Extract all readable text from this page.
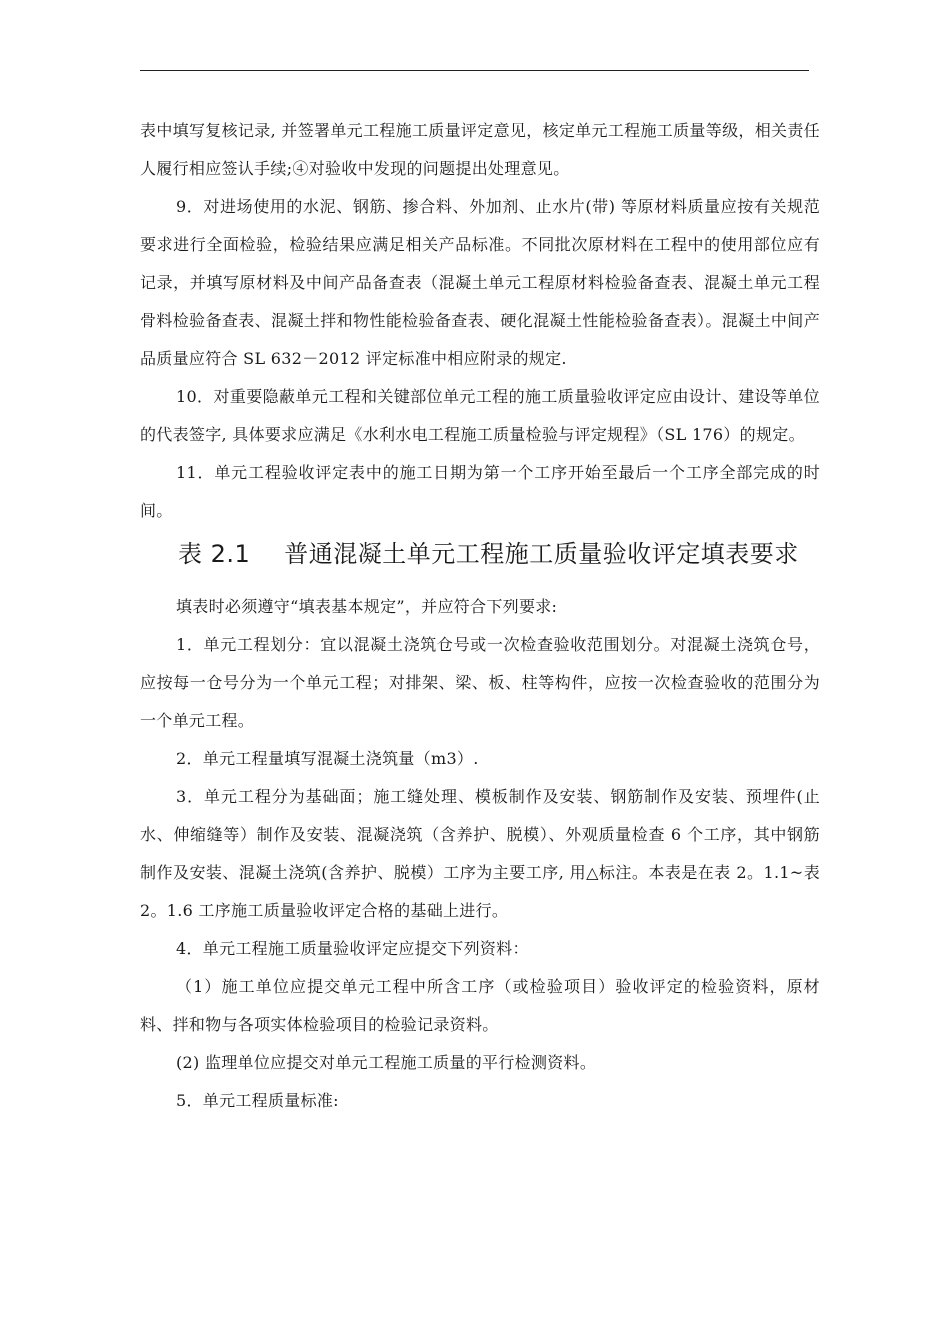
表中填写复核记录, 并签署单元工程施工质量评定意见，核定单元工程施工质量等级，相关责任人履行相应签认手续;④对验收中发现的问题提出处理意见。

9．对进场使用的水泥、钢筋、掺合料、外加剂、止水片(带) 等原材料质量应按有关规范要求进行全面检验，检验结果应满足相关产品标准。不同批次原材料在工程中的使用部位应有记录，并填写原材料及中间产品备查表（混凝土单元工程原材料检验备查表、混凝土单元工程骨料检验备查表、混凝土拌和物性能检验备查表、硬化混凝土性能检验备查表）。混凝土中间产品质量应符合 SL 632－2012 评定标准中相应附录的规定.

10．对重要隐蔽单元工程和关键部位单元工程的施工质量验收评定应由设计、建设等单位的代表签字, 具体要求应满足《水利水电工程施工质量检验与评定规程》（SL 176）的规定。

11．单元工程验收评定表中的施工日期为第一个工序开始至最后一个工序全部完成的时间。

表 2.1 普通混凝土单元工程施工质量验收评定填表要求

填表时必须遵守“填表基本规定”，并应符合下列要求:

1．单元工程划分：宜以混凝土浇筑仓号或一次检查验收范围划分。对混凝土浇筑仓号，应按每一仓号分为一个单元工程；对排架、梁、板、柱等构件，应按一次检查验收的范围分为一个单元工程。

2．单元工程量填写混凝土浇筑量（m3）.

3．单元工程分为基础面；施工缝处理、模板制作及安装、钢筋制作及安装、预埋件(止水、伸缩缝等）制作及安装、混凝浇筑（含养护、脱模）、外观质量检查 6 个工序，其中钢筋制作及安装、混凝土浇筑(含养护、脱模）工序为主要工序, 用△标注。本表是在表 2。1.1~表 2。1.6 工序施工质量验收评定合格的基础上进行。

4．单元工程施工质量验收评定应提交下列资料：

（1）施工单位应提交单元工程中所含工序（或检验项目）验收评定的检验资料，原材料、拌和物与各项实体检验项目的检验记录资料。

(2) 监理单位应提交对单元工程施工质量的平行检测资料。

5．单元工程质量标准:
